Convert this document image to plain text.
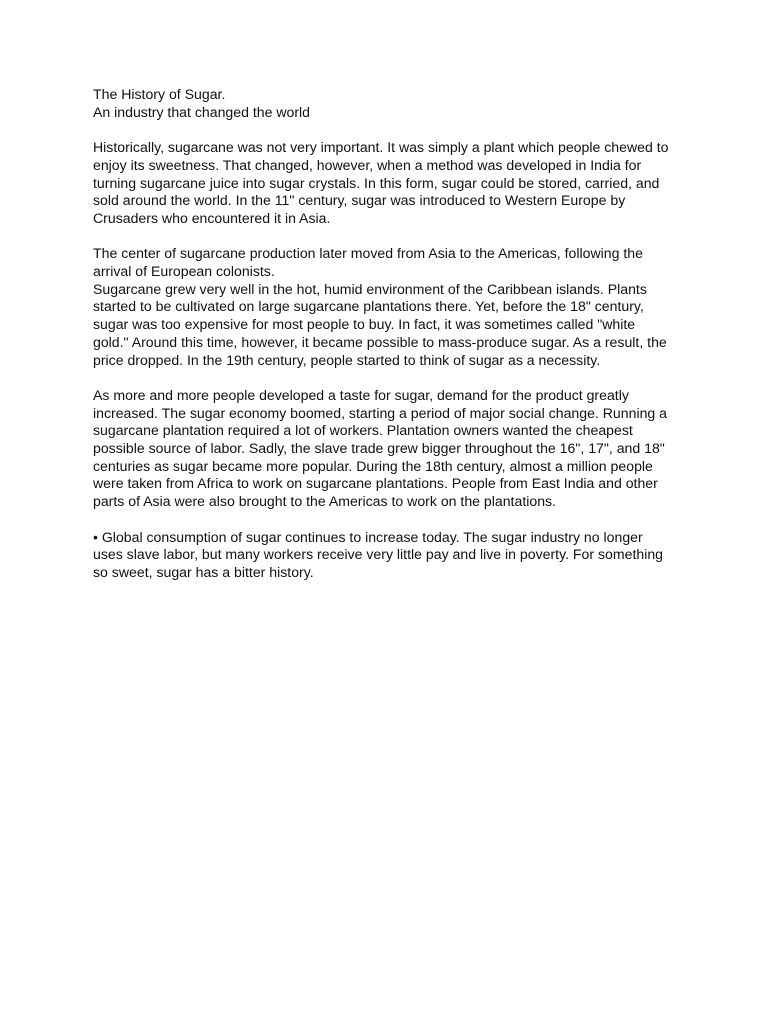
The History of Sugar.
An industry that changed the world
Historically, sugarcane was not very important. It was simply a plant which people chewed to
enjoy its sweetness. That changed, however, when a method was developed in India for
turning sugarcane juice into sugar crystals. In this form, sugar could be stored, carried, and
sold around the world. In the 11" century, sugar was introduced to Western Europe by
Crusaders who encountered it in Asia.
The center of sugarcane production later moved from Asia to the Americas, following the
arrival of European colonists.
Sugarcane grew very well in the hot, humid environment of the Caribbean islands. Plants
started to be cultivated on large sugarcane plantations there. Yet, before the 18" century,
sugar was too expensive for most people to buy. In fact, it was sometimes called "white
gold." Around this time, however, it became possible to mass-produce sugar. As a result, the
price dropped. In the 19th century, people started to think of sugar as a necessity.
As more and more people developed a taste for sugar, demand for the product greatly
increased. The sugar economy boomed, starting a period of major social change. Running a
sugarcane plantation required a lot of workers. Plantation owners wanted the cheapest
possible source of labor. Sadly, the slave trade grew bigger throughout the 16", 17", and 18"
centuries as sugar became more popular. During the 18th century, almost a million people
were taken from Africa to work on sugarcane plantations. People from East India and other
parts of Asia were also brought to the Americas to work on the plantations.
• Global consumption of sugar continues to increase today. The sugar industry no longer
uses slave labor, but many workers receive very little pay and live in poverty. For something
so sweet, sugar has a bitter history.
